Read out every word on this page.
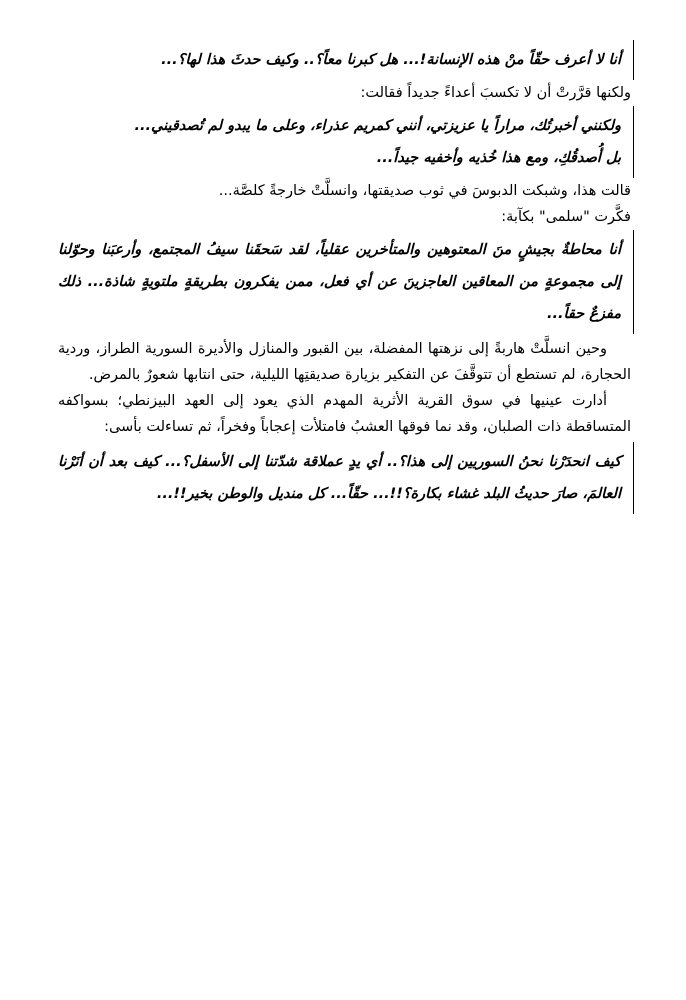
أنا لا أعرف حقّاً منْ هذه الإنسانة!... هل كبرنا معاً؟.. وكيف حدثَ هذا لها؟...

ولكنها قرَّرتْ أن لا تكسبَ أعداءً جديداً فقالت:

ولكنني أخبرتُك، مراراً يا عزيزتي، أنني كمريم عذراء، وعلى ما يبدو لم تُصدقيني...

بل أُصدقُكِ، ومع هذا خُذيه وأخفيه جيداً...

قالت هذا، وشبكت الدبوسَ في ثوب صديقتها، وانسلَّتْ خارجةً كلصَّة...

فكَّرت "سلمى" بكآبة:

أنا محاطةٌ بجيشٍ منَ المعتوهين والمتأخرين عقلياً، لقد سَحقَنا سيفُ المجتمع، وأرعبَنا وحوّلنا إلى مجموعةٍ من المعاقين العاجزينَ عن أي فعل، ممن يفكرون بطريقةٍ ملتويةٍ شاذة... ذلك مفزعٌ حقاً...

وحين انسلَّتْ هاربةً إلى نزهتها المفضلة، بين القبور والمنازل والأديرة السورية الطراز، وردية الحجارة، لم تستطع أن تتوقَّفَ عن التفكير بزيارة صديقتِها الليلية، حتى انتابها شعورٌ بالمرض.

أدارت عينيها في سوق القرية الأثرية المهدم الذي يعود إلى العهد البيزنطي؛ بسواكفه المتساقطة ذات الصلبان، وقد نما فوقها العشبُ فامتلأت إعجاباً وفخراً، ثم تساءلت بأسى:

كيف انحدَرْنا نحنُ السوريين إلى هذا؟.. أي يدٍ عملاقة شدّتنا إلى الأسفل؟... كيف بعد أن أنَرْنا العالمَ، صارَ حديثُ البلد غشاء بكارة؟!!... حقّاً... كل منديل والوطن بخير!!...
